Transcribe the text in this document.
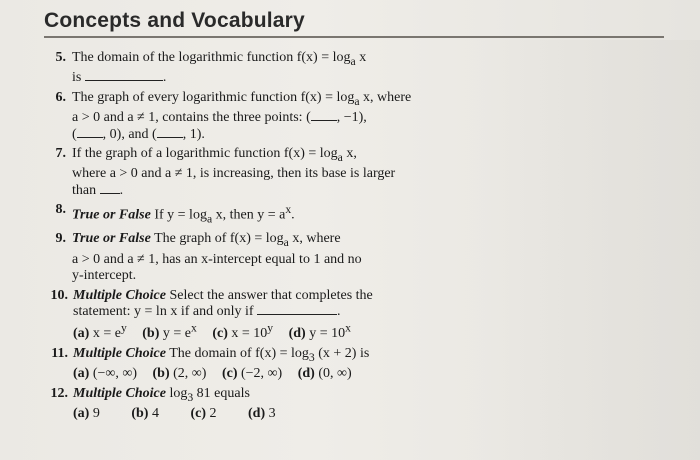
Concepts and Vocabulary
5. The domain of the logarithmic function $f(x) = \log_a x$
is	.
6. The graph of every logarithmic function $f(x) = \log_a x$, where
a > 0 and a ≠ 1, contains the three points: ( , −1),
( , 0), and ( , 1).
7. If the graph of a logarithmic function $f(x) = \log_a x$,
where a > 0 and a ≠ 1, is increasing, then its base is larger
than .
8. True or False If $y = \log_a x$, then $y = a^x$.
9. True or False The graph of $f(x) = \log_a x$, where
a > 0 and a ≠ 1, has an x-intercept equal to 1 and no
y-intercept.
10. Multiple Choice Select the answer that completes the
statement: y = ln x if and only if	.
(a) $x = e^y$ (b) $y = e^x$ (c) $x = 10^y$ (d) $y = 10^x$
11. Multiple Choice The domain of $f(x) = \log_3 (x + 2)$ is
(a) (−∞, ∞) (b) (2, ∞) (c) (−2, ∞) (d) (0, ∞)
12. Multiple Choice $\log_3 81$ equals
(a) 9 (b) 4 (c) 2 (d) 3
